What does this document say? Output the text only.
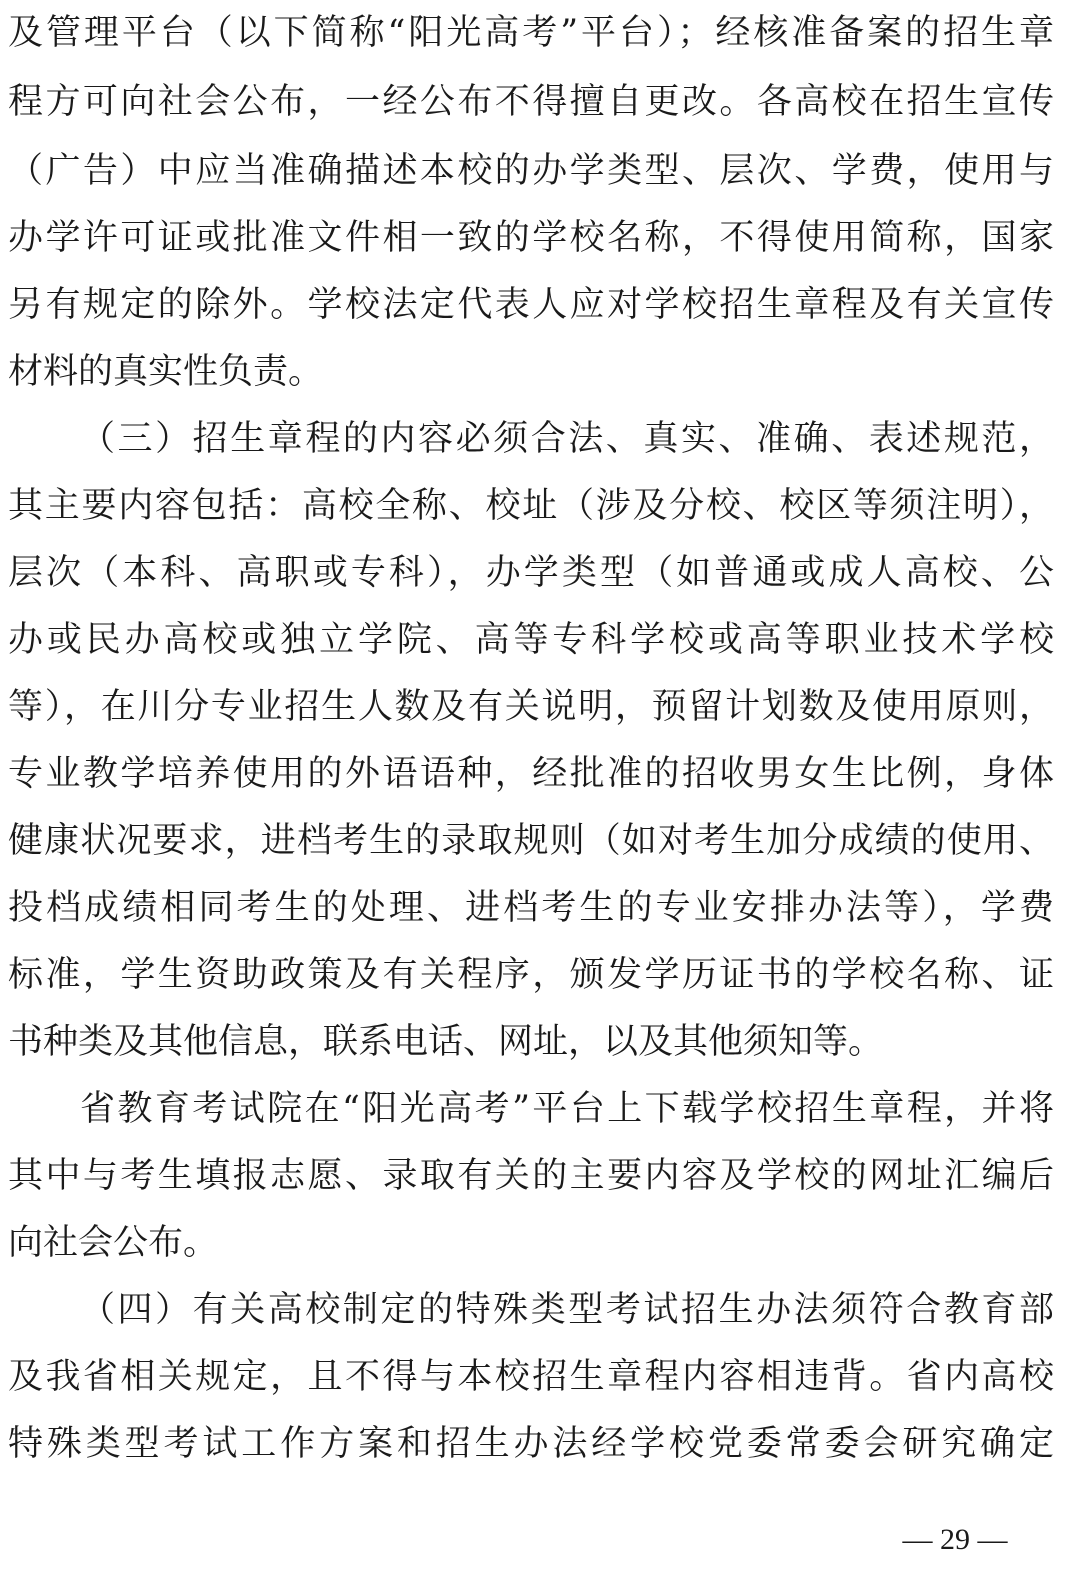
及管理平台（以下简称“阳光高考”平台）；经核准备案的招生章
程方可向社会公布，一经公布不得擅自更改。各高校在招生宣传
（广告）中应当准确描述本校的办学类型、层次、学费，使用与
办学许可证或批准文件相一致的学校名称，不得使用简称，国家
另有规定的除外。学校法定代表人应对学校招生章程及有关宣传
材料的真实性负责。
（三）招生章程的内容必须合法、真实、准确、表述规范，
其主要内容包括：高校全称、校址（涉及分校、校区等须注明），
层次（本科、高职或专科），办学类型（如普通或成人高校、公
办或民办高校或独立学院、高等专科学校或高等职业技术学校
等），在川分专业招生人数及有关说明，预留计划数及使用原则，
专业教学培养使用的外语语种，经批准的招收男女生比例，身体
健康状况要求，进档考生的录取规则（如对考生加分成绩的使用、
投档成绩相同考生的处理、进档考生的专业安排办法等），学费
标准，学生资助政策及有关程序，颁发学历证书的学校名称、证
书种类及其他信息，联系电话、网址，以及其他须知等。
省教育考试院在“阳光高考”平台上下载学校招生章程，并将
其中与考生填报志愿、录取有关的主要内容及学校的网址汇编后
向社会公布。
（四）有关高校制定的特殊类型考试招生办法须符合教育部
及我省相关规定，且不得与本校招生章程内容相违背。省内高校
特殊类型考试工作方案和招生办法经学校党委常委会研究确定
— 29 —
